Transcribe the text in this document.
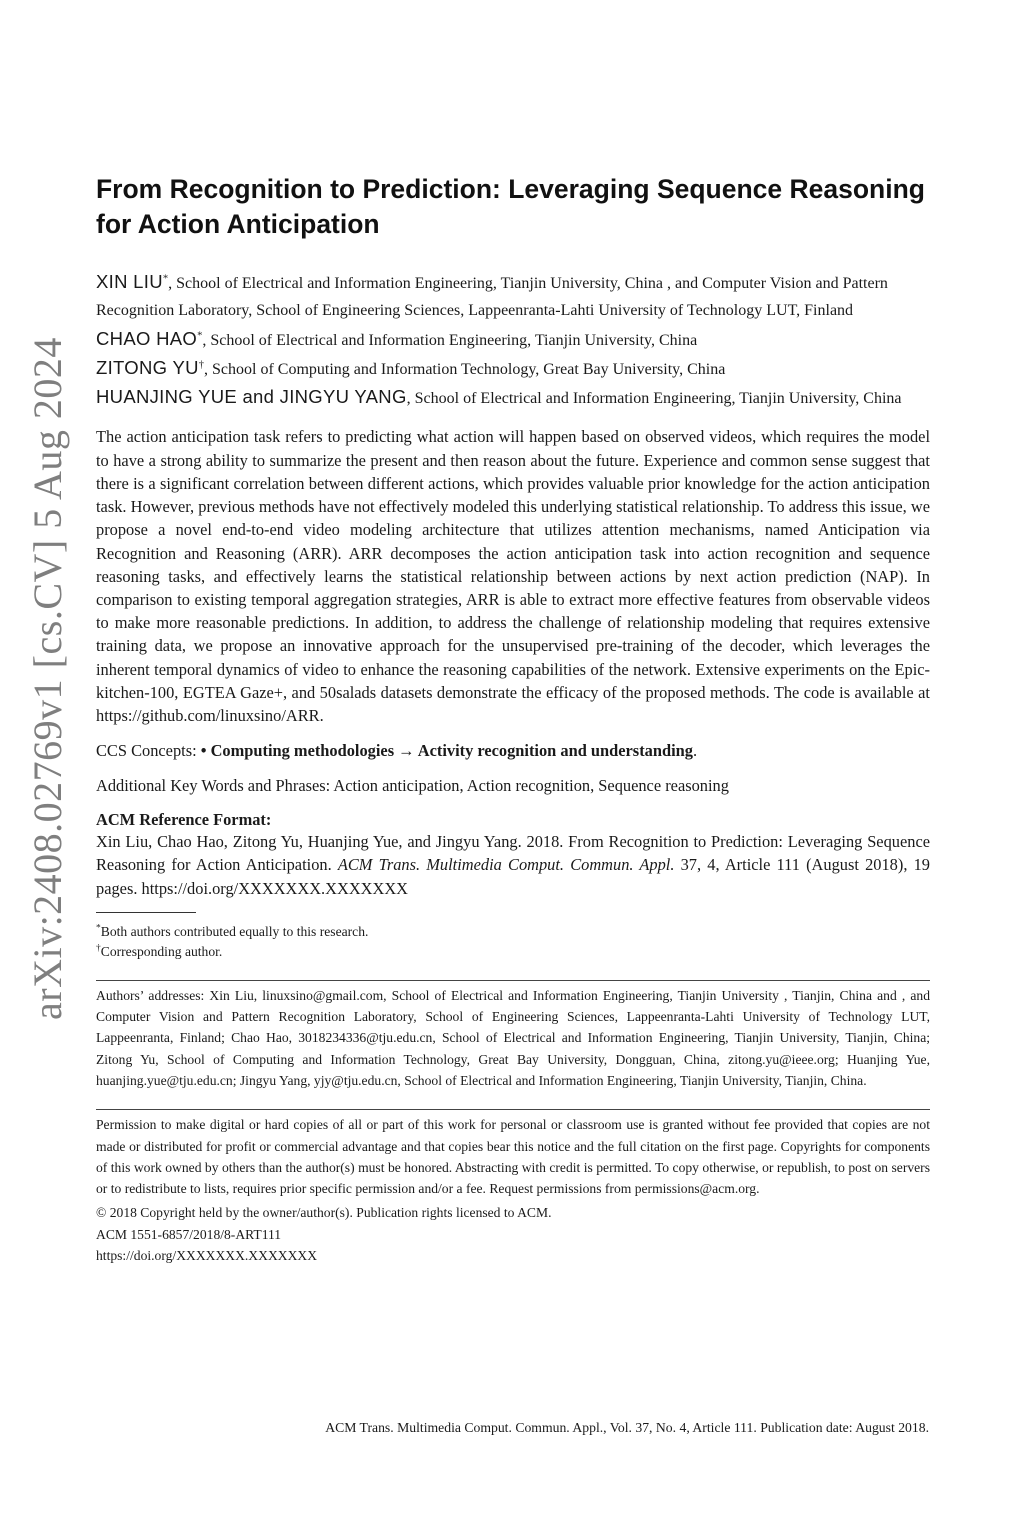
arXiv:2408.02769v1 [cs.CV] 5 Aug 2024
From Recognition to Prediction: Leveraging Sequence Reasoning for Action Anticipation
XIN LIU*, School of Electrical and Information Engineering, Tianjin University, China , and Computer Vision and Pattern Recognition Laboratory, School of Engineering Sciences, Lappeenranta-Lahti University of Technology LUT, Finland
CHAO HAO*, School of Electrical and Information Engineering, Tianjin University, China
ZITONG YU†, School of Computing and Information Technology, Great Bay University, China
HUANJING YUE and JINGYU YANG, School of Electrical and Information Engineering, Tianjin University, China
The action anticipation task refers to predicting what action will happen based on observed videos, which requires the model to have a strong ability to summarize the present and then reason about the future. Experience and common sense suggest that there is a significant correlation between different actions, which provides valuable prior knowledge for the action anticipation task. However, previous methods have not effectively modeled this underlying statistical relationship. To address this issue, we propose a novel end-to-end video modeling architecture that utilizes attention mechanisms, named Anticipation via Recognition and Reasoning (ARR). ARR decomposes the action anticipation task into action recognition and sequence reasoning tasks, and effectively learns the statistical relationship between actions by next action prediction (NAP). In comparison to existing temporal aggregation strategies, ARR is able to extract more effective features from observable videos to make more reasonable predictions. In addition, to address the challenge of relationship modeling that requires extensive training data, we propose an innovative approach for the unsupervised pre-training of the decoder, which leverages the inherent temporal dynamics of video to enhance the reasoning capabilities of the network. Extensive experiments on the Epic-kitchen-100, EGTEA Gaze+, and 50salads datasets demonstrate the efficacy of the proposed methods. The code is available at https://github.com/linuxsino/ARR.
CCS Concepts: • Computing methodologies → Activity recognition and understanding.
Additional Key Words and Phrases: Action anticipation, Action recognition, Sequence reasoning
ACM Reference Format:
Xin Liu, Chao Hao, Zitong Yu, Huanjing Yue, and Jingyu Yang. 2018. From Recognition to Prediction: Leveraging Sequence Reasoning for Action Anticipation. ACM Trans. Multimedia Comput. Commun. Appl. 37, 4, Article 111 (August 2018), 19 pages. https://doi.org/XXXXXXX.XXXXXXX
*Both authors contributed equally to this research.
†Corresponding author.
Authors’ addresses: Xin Liu, linuxsino@gmail.com, School of Electrical and Information Engineering, Tianjin University , Tianjin, China and , and Computer Vision and Pattern Recognition Laboratory, School of Engineering Sciences, Lappeenranta-Lahti University of Technology LUT, Lappeenranta, Finland; Chao Hao, 3018234336@tju.edu.cn, School of Electrical and Information Engineering, Tianjin University, Tianjin, China; Zitong Yu, School of Computing and Information Technology, Great Bay University, Dongguan, China, zitong.yu@ieee.org; Huanjing Yue, huanjing.yue@tju.edu.cn; Jingyu Yang, yjy@tju.edu.cn, School of Electrical and Information Engineering, Tianjin University, Tianjin, China.
Permission to make digital or hard copies of all or part of this work for personal or classroom use is granted without fee provided that copies are not made or distributed for profit or commercial advantage and that copies bear this notice and the full citation on the first page. Copyrights for components of this work owned by others than the author(s) must be honored. Abstracting with credit is permitted. To copy otherwise, or republish, to post on servers or to redistribute to lists, requires prior specific permission and/or a fee. Request permissions from permissions@acm.org.
© 2018 Copyright held by the owner/author(s). Publication rights licensed to ACM.
ACM 1551-6857/2018/8-ART111
https://doi.org/XXXXXXX.XXXXXXX
ACM Trans. Multimedia Comput. Commun. Appl., Vol. 37, No. 4, Article 111. Publication date: August 2018.
